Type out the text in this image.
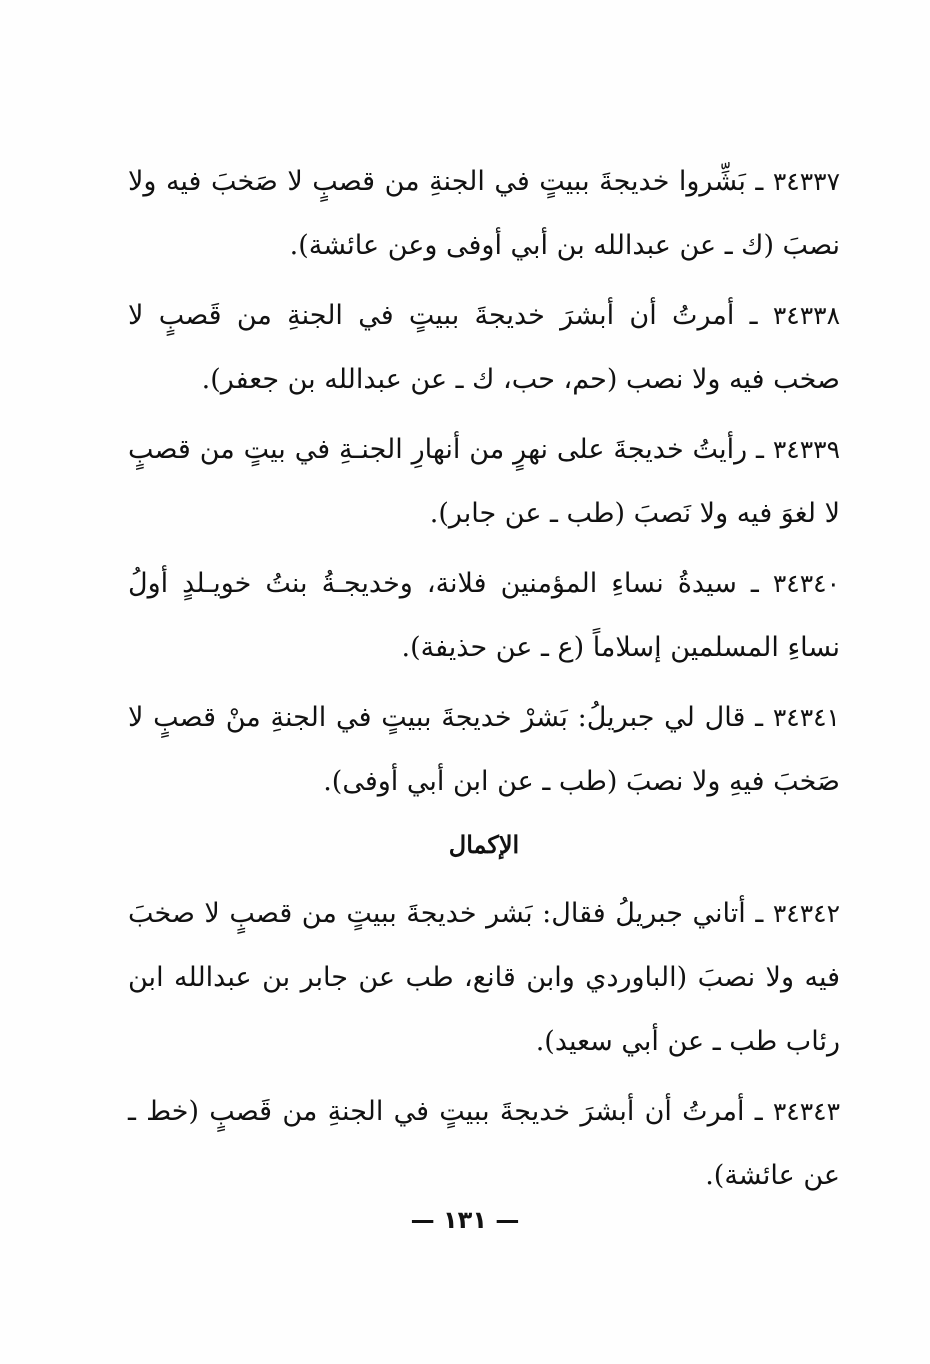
٣٤٣٣٧ ـ بَشِّروا خديجةَ ببيتٍ في الجنةِ من قصبٍ لا صَخبَ فيه ولا نصبَ (ك ـ عن عبدالله بن أبي أوفى وعن عائشة).

٣٤٣٣٨ ـ أمرتُ أن أبشرَ خديجةَ ببيتٍ في الجنةِ من قَصبٍ لا صخب فيه ولا نصب (حم، حب، ك ـ عن عبدالله بن جعفر).

٣٤٣٣٩ ـ رأيتُ خديجةَ على نهرٍ من أنهارِ الجنـةِ في بيتٍ من قصبٍ لا لغوَ فيه ولا نَصبَ (طب ـ عن جابر).

٣٤٣٤٠ ـ سيدةُ نساءِ المؤمنين فلانة، وخديجـةُ بنتُ خويـلدٍ أولُ نساءِ المسلمين إسلاماً (ع ـ عن حذيفة).

٣٤٣٤١ ـ قال لي جبريلُ: بَشرْ خديجةَ ببيتٍ في الجنةِ منْ قصبٍ لا صَخبَ فيهِ ولا نصبَ (طب ـ عن ابن أبي أوفى).

الإكمال

٣٤٣٤٢ ـ أتاني جبريلُ فقال: بَشر خديجةَ ببيتٍ من قصبٍ لا صخبَ فيه ولا نصبَ (الباوردي وابن قانع، طب عن جابر بن عبدالله ابن رئاب طب ـ عن أبي سعيد).

٣٤٣٤٣ ـ أمرتُ أن أبشرَ خديجةَ ببيتٍ في الجنةِ من قَصبٍ (خط ـ عن عائشة).

— ١٣١ —
